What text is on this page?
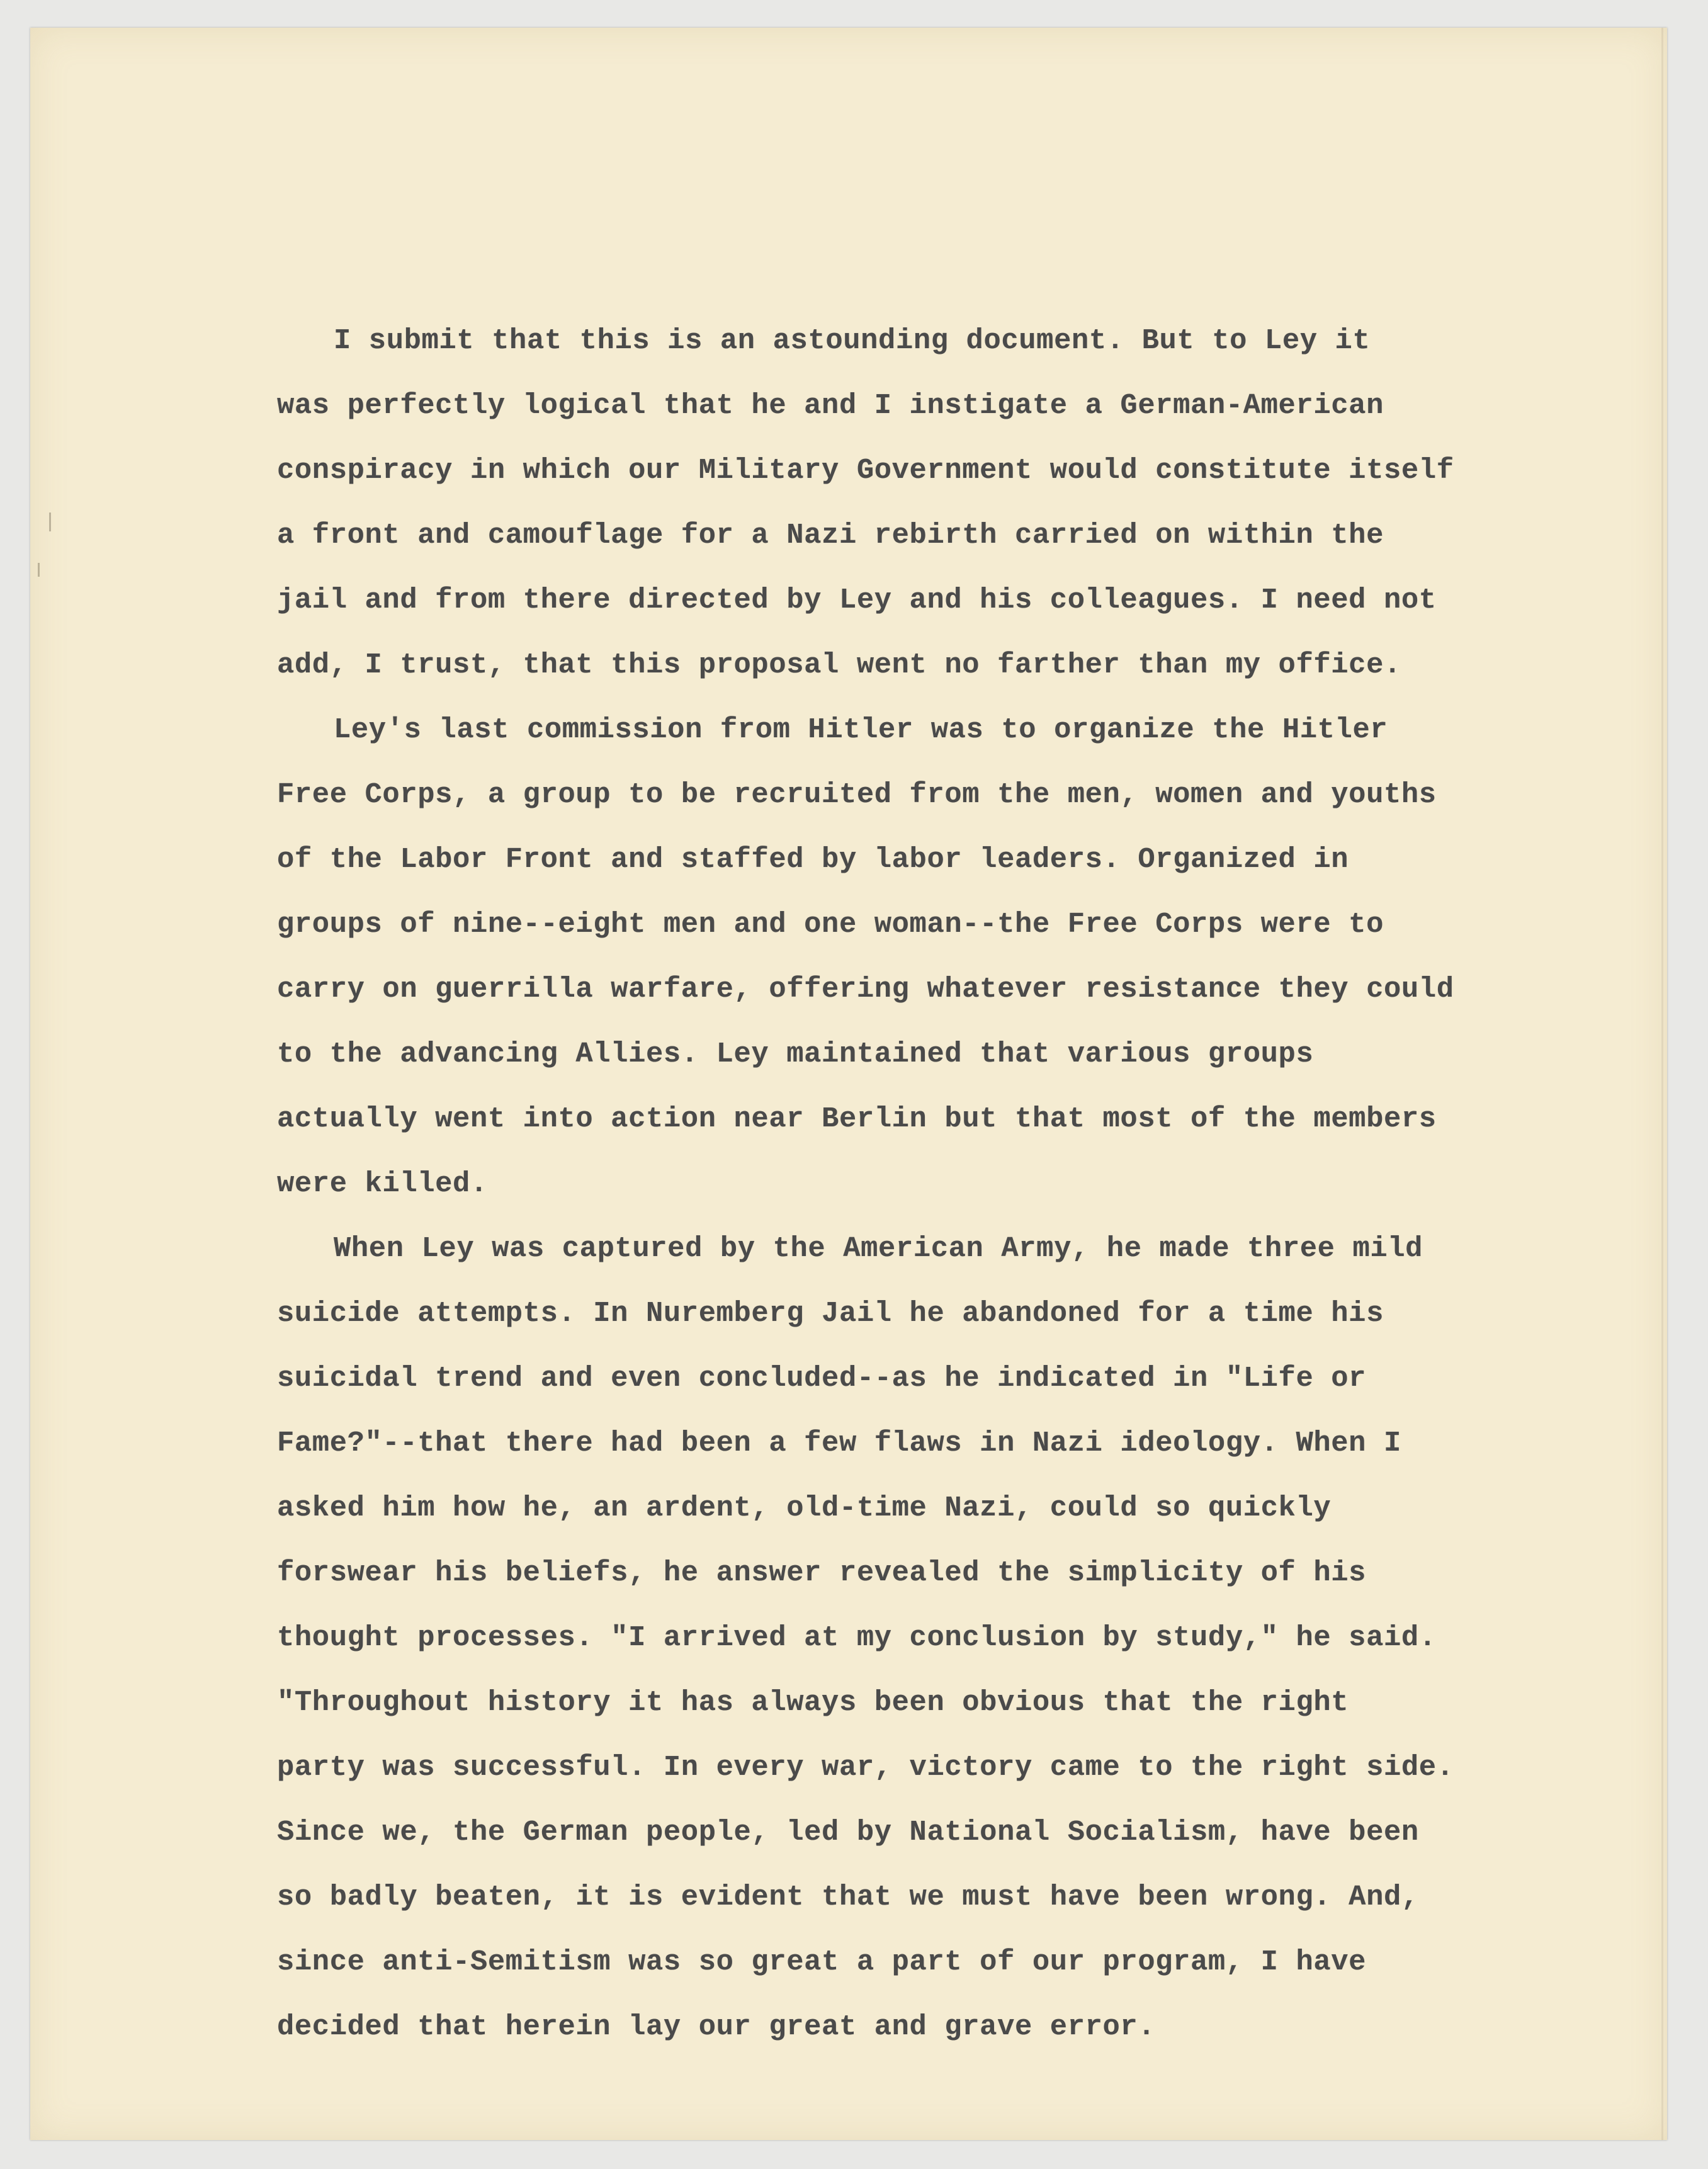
I submit that this is an astounding document. But to Ley it
was perfectly logical that he and I instigate a German-American
conspiracy in which our Military Government would constitute itself
a front and camouflage for a Nazi rebirth carried on within the
jail and from there directed by Ley and his colleagues. I need not
add, I trust, that this proposal went no farther than my office.
Ley's last commission from Hitler was to organize the Hitler
Free Corps, a group to be recruited from the men, women and youths
of the Labor Front and staffed by labor leaders. Organized in
groups of nine--eight men and one woman--the Free Corps were to
carry on guerrilla warfare, offering whatever resistance they could
to the advancing Allies. Ley maintained that various groups
actually went into action near Berlin but that most of the members
were killed.
When Ley was captured by the American Army, he made three mild
suicide attempts. In Nuremberg Jail he abandoned for a time his
suicidal trend and even concluded--as he indicated in "Life or
Fame?"--that there had been a few flaws in Nazi ideology. When I
asked him how he, an ardent, old-time Nazi, could so quickly
forswear his beliefs, he answer revealed the simplicity of his
thought processes. "I arrived at my conclusion by study," he said.
"Throughout history it has always been obvious that the right
party was successful. In every war, victory came to the right side.
Since we, the German people, led by National Socialism, have been
so badly beaten, it is evident that we must have been wrong. And,
since anti-Semitism was so great a part of our program, I have
decided that herein lay our great and grave error.
